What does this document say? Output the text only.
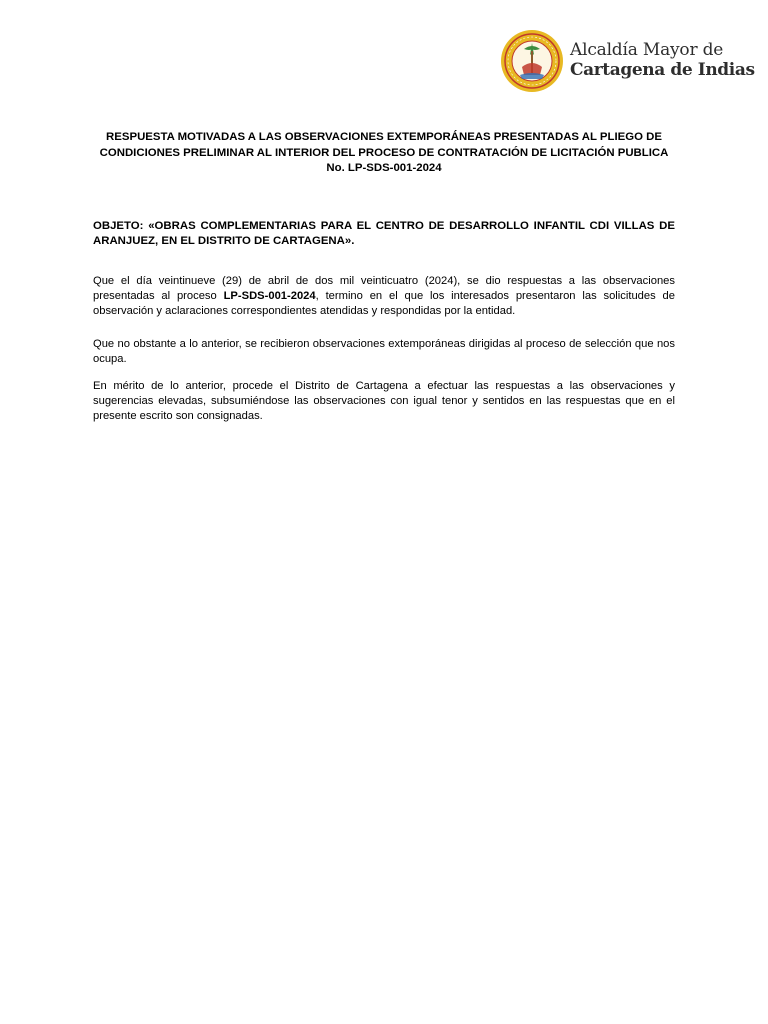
Alcaldía Mayor de
Cartagena de Indias

RESPUESTA MOTIVADAS A LAS OBSERVACIONES EXTEMPORÁNEAS PRESENTADAS AL PLIEGO DE CONDICIONES PRELIMINAR AL INTERIOR DEL PROCESO DE CONTRATACIÓN DE LICITACIÓN PUBLICA No. LP-SDS-001-2024

OBJETO: «OBRAS COMPLEMENTARIAS PARA EL CENTRO DE DESARROLLO INFANTIL CDI VILLAS DE ARANJUEZ, EN EL DISTRITO DE CARTAGENA».

Que el día veintinueve (29) de abril de dos mil veinticuatro (2024), se dio respuestas a las observaciones presentadas al proceso LP-SDS-001-2024, termino en el que los interesados presentaron las solicitudes de observación y aclaraciones correspondientes atendidas y respondidas por la entidad.

Que no obstante a lo anterior, se recibieron observaciones extemporáneas dirigidas al proceso de selección que nos ocupa.

En mérito de lo anterior, procede el Distrito de Cartagena a efectuar las respuestas a las observaciones y sugerencias elevadas, subsumiéndose las observaciones con igual tenor y sentidos en las respuestas que en el presente escrito son consignadas.
